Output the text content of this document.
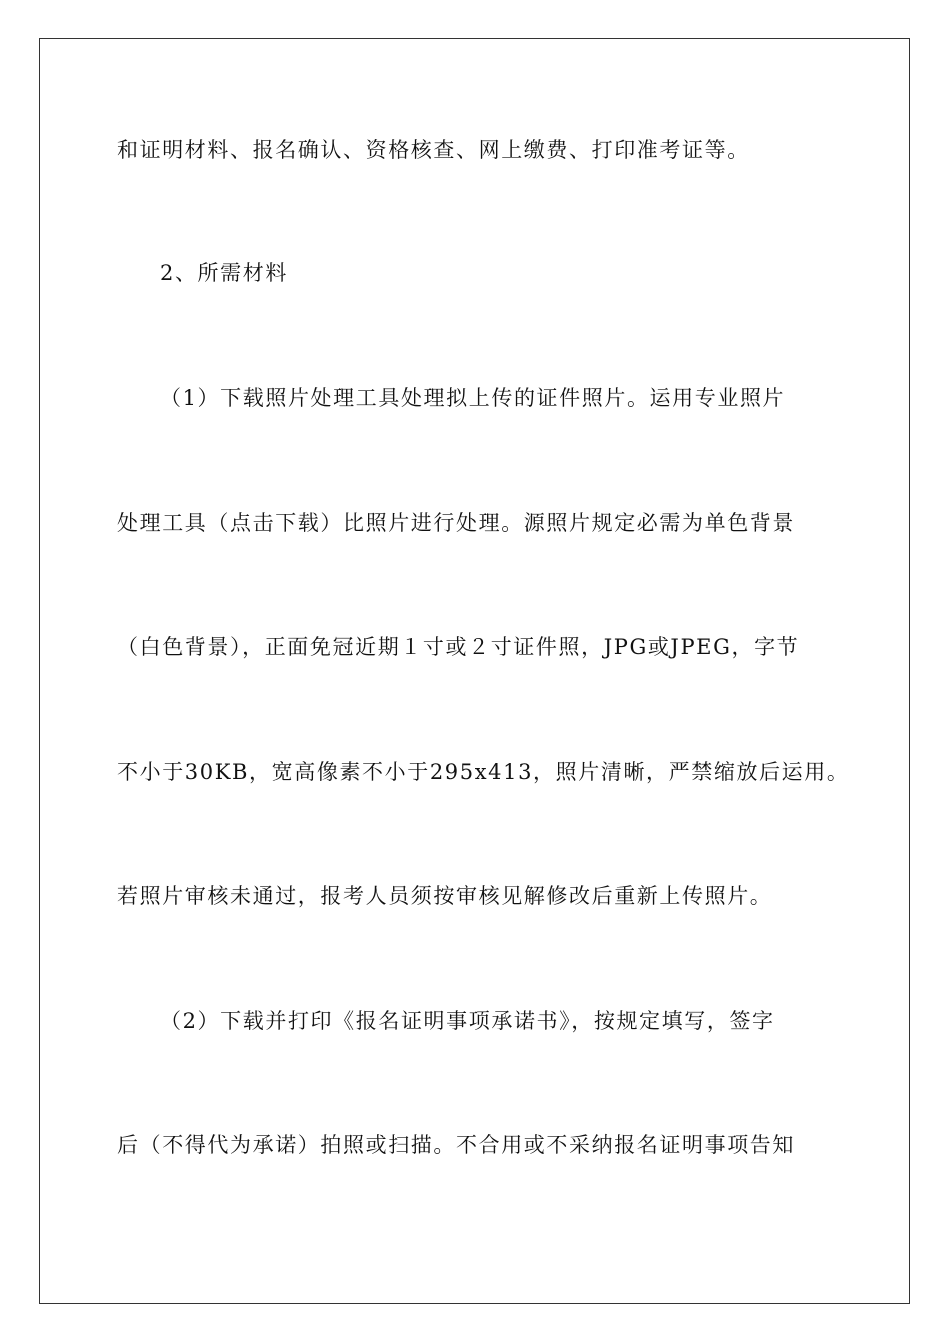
和证明材料、报名确认、资格核查、网上缴费、打印准考证等。
2、所需材料
（1）下载照片处理工具处理拟上传的证件照片。运用专业照片
处理工具（点击下载）比照片进行处理。源照片规定必需为单色背景
（白色背景），正面免冠近期１寸或２寸证件照，JPG或JPEG，字节
不小于30KB，宽高像素不小于295x413，照片清晰，严禁缩放后运用。
若照片审核未通过，报考人员须按审核见解修改后重新上传照片。
（2）下载并打印《报名证明事项承诺书》，按规定填写，签字
后（不得代为承诺）拍照或扫描。不合用或不采纳报名证明事项告知
